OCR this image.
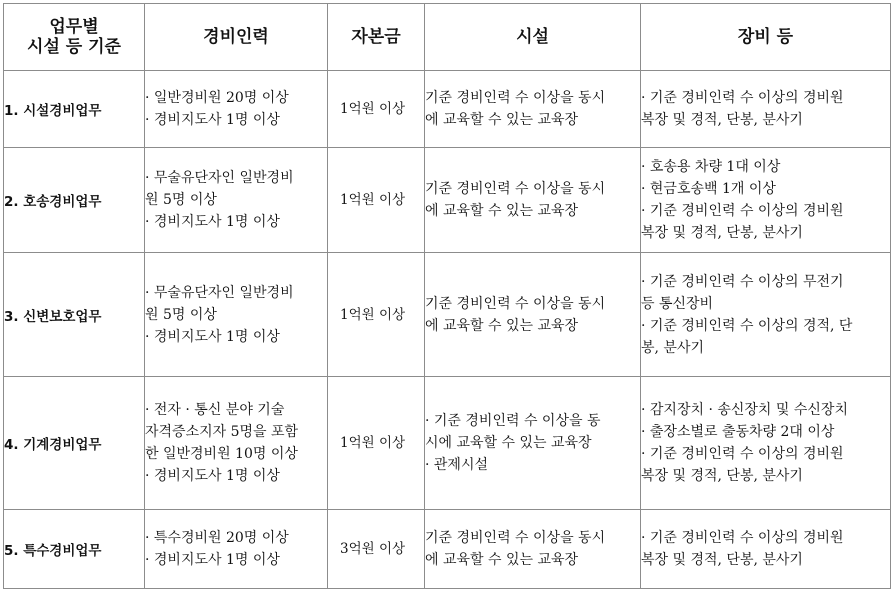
업무별
시설 등 기준	경비인력	자본금	시설	장비 등

1. 시설경비업무	· 일반경비원 20명 이상
· 경비지도사 1명 이상	1억원 이상	기준 경비인력 수 이상을 동시
에 교육할 수 있는 교육장	· 기준 경비인력 수 이상의 경비원
복장 및 경적, 단봉, 분사기

2. 호송경비업무	· 무술유단자인 일반경비
원 5명 이상
· 경비지도사 1명 이상	1억원 이상	기준 경비인력 수 이상을 동시
에 교육할 수 있는 교육장	· 호송용 차량 1대 이상
· 현금호송백 1개 이상
· 기준 경비인력 수 이상의 경비원
복장 및 경적, 단봉, 분사기

3. 신변보호업무	· 무술유단자인 일반경비
원 5명 이상
· 경비지도사 1명 이상	1억원 이상	기준 경비인력 수 이상을 동시
에 교육할 수 있는 교육장	· 기준 경비인력 수 이상의 무전기
등 통신장비
· 기준 경비인력 수 이상의 경적, 단
봉, 분사기

4. 기계경비업무	· 전자 · 통신 분야 기술
자격증소지자 5명을 포함
한 일반경비원 10명 이상
· 경비지도사 1명 이상	1억원 이상	· 기준 경비인력 수 이상을 동
시에 교육할 수 있는 교육장
· 관제시설	· 감지장치 · 송신장치 및 수신장치
· 출장소별로 출동차량 2대 이상
· 기준 경비인력 수 이상의 경비원
복장 및 경적, 단봉, 분사기

5. 특수경비업무	· 특수경비원 20명 이상
· 경비지도사 1명 이상	3억원 이상	기준 경비인력 수 이상을 동시
에 교육할 수 있는 교육장	· 기준 경비인력 수 이상의 경비원
복장 및 경적, 단봉, 분사기
